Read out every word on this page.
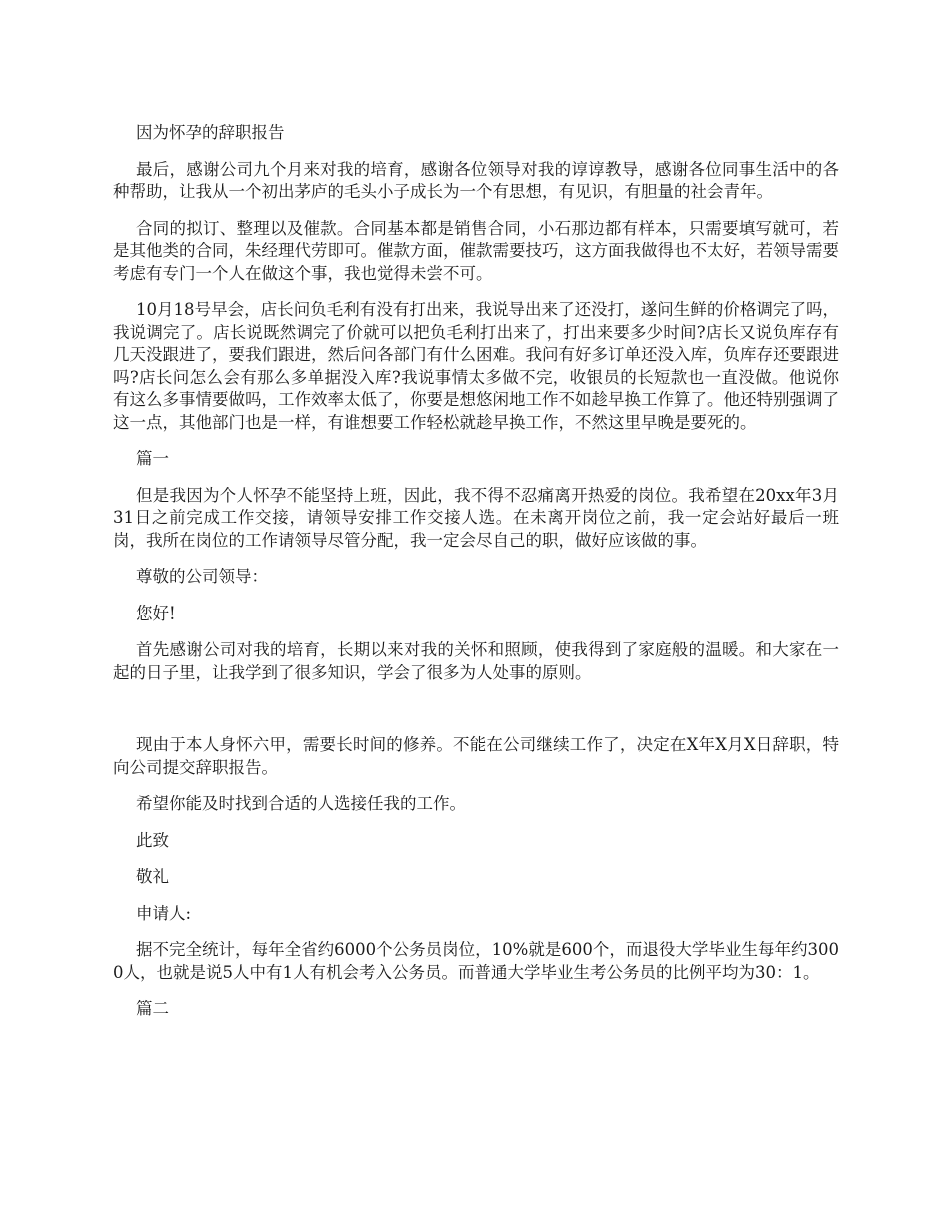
因为怀孕的辞职报告

最后，感谢公司九个月来对我的培育，感谢各位领导对我的谆谆教导，感谢各位同事生活中的各种帮助，让我从一个初出茅庐的毛头小子成长为一个有思想，有见识，有胆量的社会青年。

合同的拟订、整理以及催款。合同基本都是销售合同，小石那边都有样本，只需要填写就可，若是其他类的合同，朱经理代劳即可。催款方面，催款需要技巧，这方面我做得也不太好，若领导需要考虑有专门一个人在做这个事，我也觉得未尝不可。

10月18号早会，店长问负毛利有没有打出来，我说导出来了还没打，遂问生鲜的价格调完了吗，我说调完了。店长说既然调完了价就可以把负毛利打出来了，打出来要多少时间?店长又说负库存有几天没跟进了，要我们跟进，然后问各部门有什么困难。我问有好多订单还没入库，负库存还要跟进吗?店长问怎么会有那么多单据没入库?我说事情太多做不完，收银员的长短款也一直没做。他说你有这么多事情要做吗，工作效率太低了，你要是想悠闲地工作不如趁早换工作算了。他还特别强调了这一点，其他部门也是一样，有谁想要工作轻松就趁早换工作，不然这里早晚是要死的。

篇一

但是我因为个人怀孕不能坚持上班，因此，我不得不忍痛离开热爱的岗位。我希望在20xx年3月31日之前完成工作交接，请领导安排工作交接人选。在未离开岗位之前，我一定会站好最后一班岗，我所在岗位的工作请领导尽管分配，我一定会尽自己的职，做好应该做的事。

尊敬的公司领导：

您好!

首先感谢公司对我的培育，长期以来对我的关怀和照顾，使我得到了家庭般的温暖。和大家在一起的日子里，让我学到了很多知识，学会了很多为人处事的原则。

现由于本人身怀六甲，需要长时间的修养。不能在公司继续工作了，决定在X年X月X日辞职，特向公司提交辞职报告。

希望你能及时找到合适的人选接任我的工作。

此致

敬礼

申请人:

据不完全统计，每年全省约6000个公务员岗位，10%就是600个，而退役大学毕业生每年约3000人，也就是说5人中有1人有机会考入公务员。而普通大学毕业生考公务员的比例平均为30：1。

篇二
